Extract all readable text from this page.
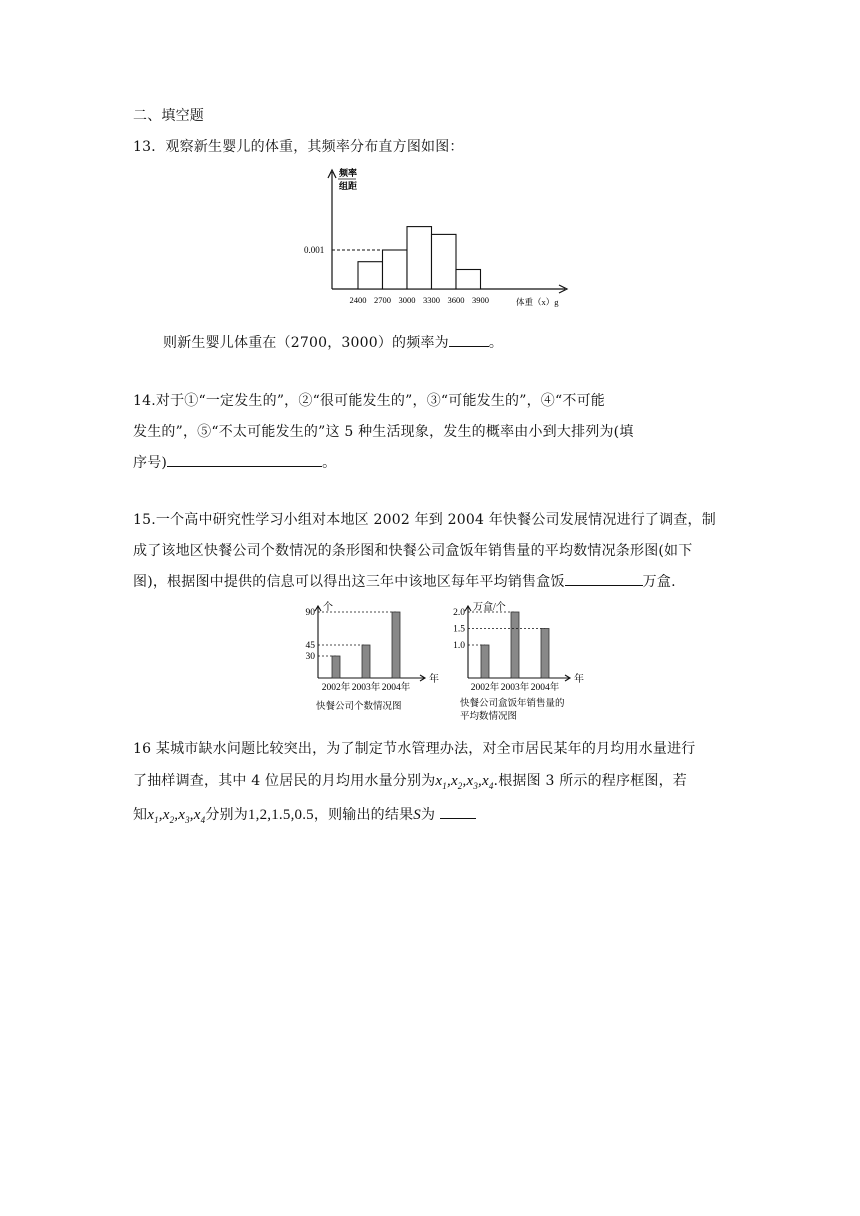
二、填空题
13．观察新生婴儿的体重，其频率分布直方图如图：
频率
组距
0.001
2400 2700 3000 3300 3600 3900	体重（x）g
则新生婴儿体重在（2700，3000）的频率为	。
14.对于①“一定发生的”，②“很可能发生的”，③“可能发生的”，④“不可能
发生的”，⑤“不太可能发生的”这 5 种生活现象，发生的概率由小到大排列为(填
序号)	。
15.一个高中研究性学习小组对本地区 2002 年到 2004 年快餐公司发展情况进行了调查，制
成了该地区快餐公司个数情况的条形图和快餐公司盒饭年销售量的平均数情况条形图(如下
图)，根据图中提供的信息可以得出这三年中该地区每年平均销售盒饭	万盒.
个
年
90
45
30
2002年 2003年 2004年
快餐公司个数情况图
万盒/个
年
2.0
1.5
1.0
2002年 2003年 2004年
快餐公司盒饭年销售量的
平均数情况图
16 某城市缺水问题比较突出，为了制定节水管理办法，对全市居民某年的月均用水量进行
了抽样调查，其中 4 位居民的月均用水量分别为$x_1,x_2,x_3,x_4$.根据图 3 所示的程序框图，若
知$x_1,x_2,x_3,x_4$分别为1,2,1.5,0.5，则输出的结果S为
